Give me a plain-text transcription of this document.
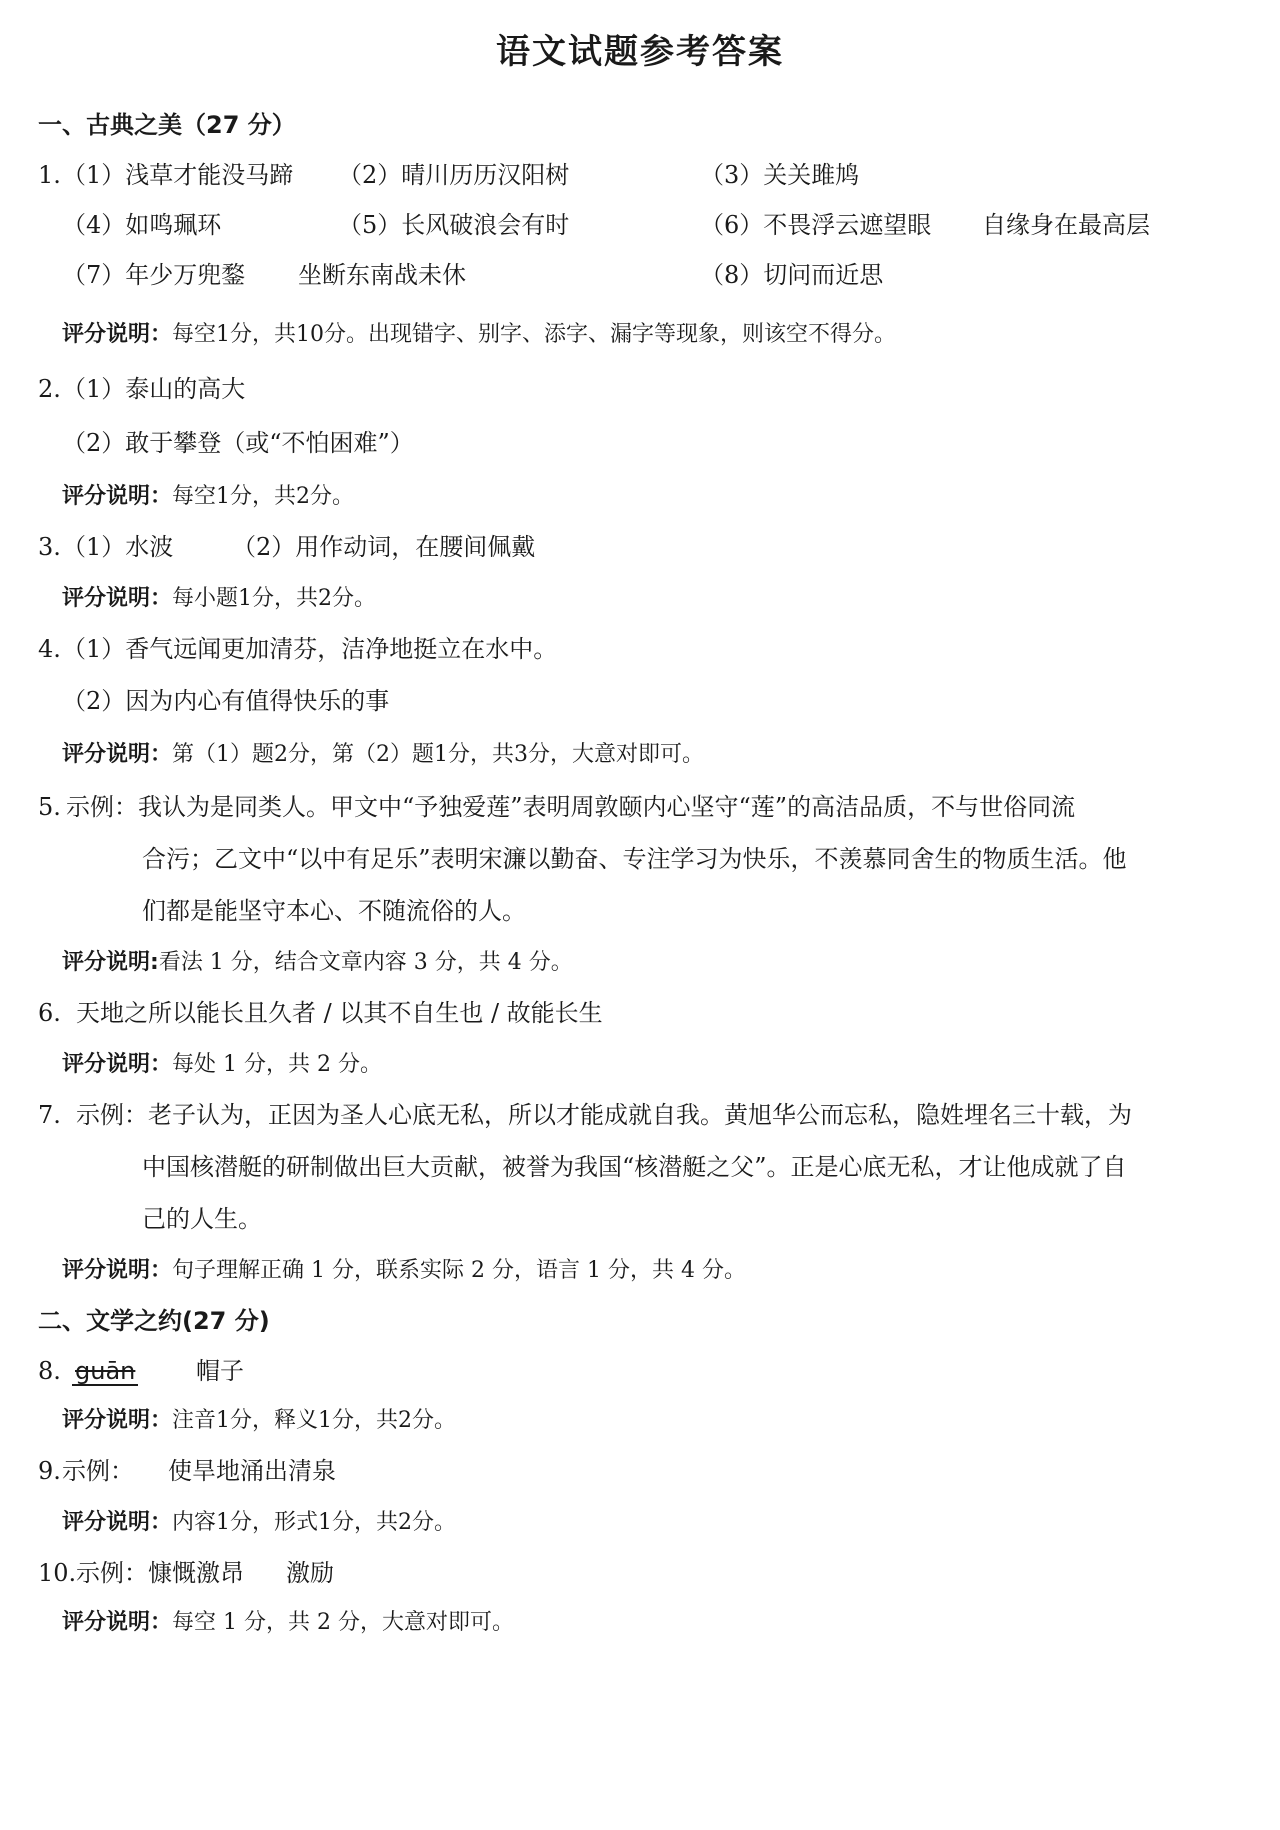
语文试题参考答案
一、古典之美（27 分）
1. （1）浅草才能没马蹄 （2）晴川历历汉阳树	（3）关关雎鸠
（4）如鸣珮环	（5）长风破浪会有时	（6）不畏浮云遮望眼 自缘身在最高层
（7）年少万兜鍪 坐断东南战未休	（8）切问而近思
评分说明：每空1分，共10分。出现错字、别字、添字、漏字等现象，则该空不得分。
2. （1）泰山的高大
（2）敢于攀登（或“不怕困难”）
评分说明：每空1分，共2分。
3. （1）水波 （2）用作动词，在腰间佩戴
评分说明：每小题1分，共2分。
4. （1）香气远闻更加清芬，洁净地挺立在水中。
（2）因为内心有值得快乐的事
评分说明：第（1）题2分，第（2）题1分，共3分，大意对即可。
5. 示例：我认为是同类人。甲文中“予独爱莲”表明周敦颐内心坚守“莲”的高洁品质，不与世俗同流
合污；乙文中“以中有足乐”表明宋濂以勤奋、专注学习为快乐，不羡慕同舍生的物质生活。他
们都是能坚守本心、不随流俗的人。
评分说明:看法 1 分，结合文章内容 3 分，共 4 分。
6. 天地之所以能长且久者 / 以其不自生也 / 故能长生
评分说明：每处 1 分，共 2 分。
7. 示例：老子认为，正因为圣人心底无私，所以才能成就自我。黄旭华公而忘私，隐姓埋名三十载，为
中国核潜艇的研制做出巨大贡献，被誉为我国“核潜艇之父”。正是心底无私，才让他成就了自
己的人生。
评分说明：句子理解正确 1 分，联系实际 2 分，语言 1 分，共 4 分。
二、文学之约(27 分)
8. guān	帽子
评分说明：注音1分，释义1分，共2分。
9. 示例： 使旱地涌出清泉
评分说明：内容1分，形式1分，共2分。
10. 示例：慷慨激昂 激励
评分说明：每空 1 分，共 2 分，大意对即可。
